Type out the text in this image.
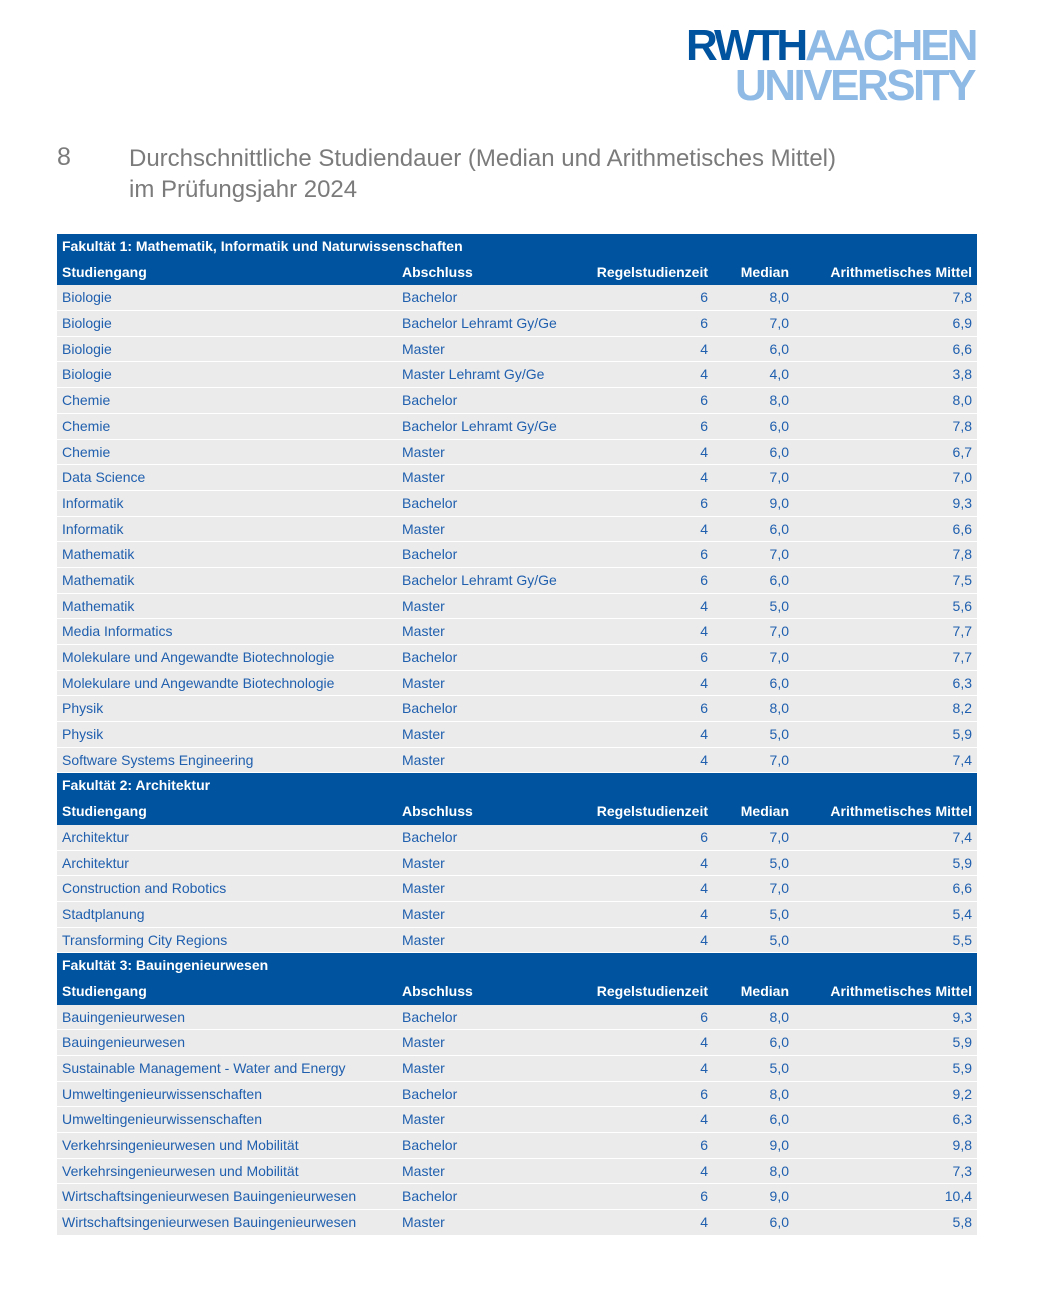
RWTHAACHEN
UNIVERSITY
8 Durchschnittliche Studiendauer (Median und Arithmetisches Mittel)
im Prüfungsjahr 2024
Fakultät 1: Mathematik, Informatik und Naturwissenschaften
Studiengang	Abschluss	Regelstudienzeit	Median	Arithmetisches Mittel
Biologie	Bachelor	6	8,0	7,8
Biologie	Bachelor Lehramt Gy/Ge	6	7,0	6,9
Biologie	Master	4	6,0	6,6
Biologie	Master Lehramt Gy/Ge	4	4,0	3,8
Chemie	Bachelor	6	8,0	8,0
Chemie	Bachelor Lehramt Gy/Ge	6	6,0	7,8
Chemie	Master	4	6,0	6,7
Data Science	Master	4	7,0	7,0
Informatik	Bachelor	6	9,0	9,3
Informatik	Master	4	6,0	6,6
Mathematik	Bachelor	6	7,0	7,8
Mathematik	Bachelor Lehramt Gy/Ge	6	6,0	7,5
Mathematik	Master	4	5,0	5,6
Media Informatics	Master	4	7,0	7,7
Molekulare und Angewandte Biotechnologie	Bachelor	6	7,0	7,7
Molekulare und Angewandte Biotechnologie	Master	4	6,0	6,3
Physik	Bachelor	6	8,0	8,2
Physik	Master	4	5,0	5,9
Software Systems Engineering	Master	4	7,0	7,4
Fakultät 2: Architektur
Studiengang	Abschluss	Regelstudienzeit	Median	Arithmetisches Mittel
Architektur	Bachelor	6	7,0	7,4
Architektur	Master	4	5,0	5,9
Construction and Robotics	Master	4	7,0	6,6
Stadtplanung	Master	4	5,0	5,4
Transforming City Regions	Master	4	5,0	5,5
Fakultät 3: Bauingenieurwesen
Studiengang	Abschluss	Regelstudienzeit	Median	Arithmetisches Mittel
Bauingenieurwesen	Bachelor	6	8,0	9,3
Bauingenieurwesen	Master	4	6,0	5,9
Sustainable Management - Water and Energy	Master	4	5,0	5,9
Umweltingenieurwissenschaften	Bachelor	6	8,0	9,2
Umweltingenieurwissenschaften	Master	4	6,0	6,3
Verkehrsingenieurwesen und Mobilität	Bachelor	6	9,0	9,8
Verkehrsingenieurwesen und Mobilität	Master	4	8,0	7,3
Wirtschaftsingenieurwesen Bauingenieurwesen	Bachelor	6	9,0	10,4
Wirtschaftsingenieurwesen Bauingenieurwesen	Master	4	6,0	5,8
